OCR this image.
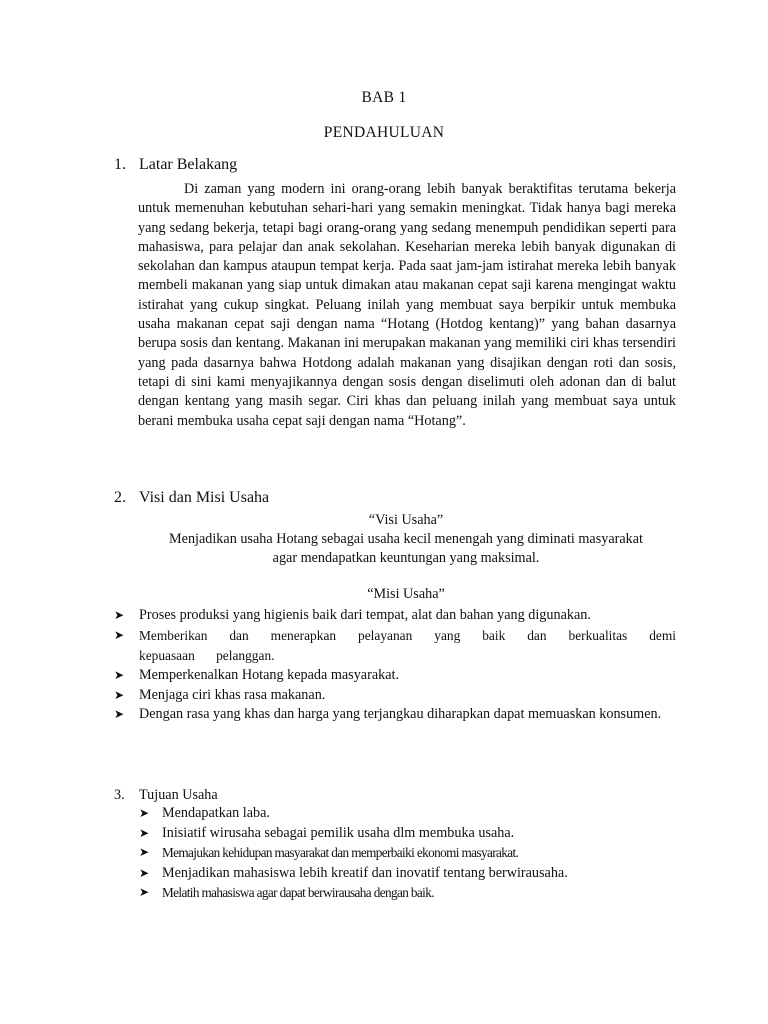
BAB 1
PENDAHULUAN
1. Latar Belakang
Di zaman yang modern ini orang-orang lebih banyak beraktifitas terutama bekerja untuk memenuhan kebutuhan sehari-hari yang semakin meningkat. Tidak hanya bagi mereka yang sedang bekerja, tetapi bagi orang-orang yang sedang menempuh pendidikan seperti para mahasiswa, para pelajar dan anak sekolahan. Keseharian mereka lebih banyak digunakan di sekolahan dan kampus ataupun tempat kerja. Pada saat jam-jam istirahat mereka lebih banyak membeli makanan yang siap untuk dimakan atau makanan cepat saji karena mengingat waktu istirahat yang cukup singkat. Peluang inilah yang membuat saya berpikir untuk membuka usaha makanan cepat saji dengan nama “Hotang (Hotdog kentang)” yang bahan dasarnya berupa sosis dan kentang. Makanan ini merupakan makanan yang memiliki ciri khas tersendiri yang pada dasarnya bahwa Hotdong adalah makanan yang disajikan dengan roti dan sosis, tetapi di sini kami menyajikannya dengan sosis dengan diselimuti oleh adonan dan di balut dengan kentang yang masih segar. Ciri khas dan peluang inilah yang membuat saya untuk berani membuka usaha cepat saji dengan nama “Hotang”.
2. Visi dan Misi Usaha
“Visi Usaha”
Menjadikan usaha Hotang sebagai usaha kecil menengah yang diminati masyarakat
agar mendapatkan keuntungan yang maksimal.
“Misi Usaha”
➤ Proses produksi yang higienis baik dari tempat, alat dan bahan yang digunakan.
➤ Memberikan dan menerapkan pelayanan yang baik dan berkualitas demi kepuasaan pelanggan.
➤ Memperkenalkan Hotang kepada masyarakat.
➤ Menjaga ciri khas rasa makanan.
➤ Dengan rasa yang khas dan harga yang terjangkau diharapkan dapat memuaskan konsumen.
3. Tujuan Usaha
➤ Mendapatkan laba.
➤ Inisiatif wirusaha sebagai pemilik usaha dlm membuka usaha.
➤ Memajukan kehidupan masyarakat dan memperbaiki ekonomi masyarakat.
➤ Menjadikan mahasiswa lebih kreatif dan inovatif tentang berwirausaha.
➤ Melatih mahasiswa agar dapat berwirausaha dengan baik.
